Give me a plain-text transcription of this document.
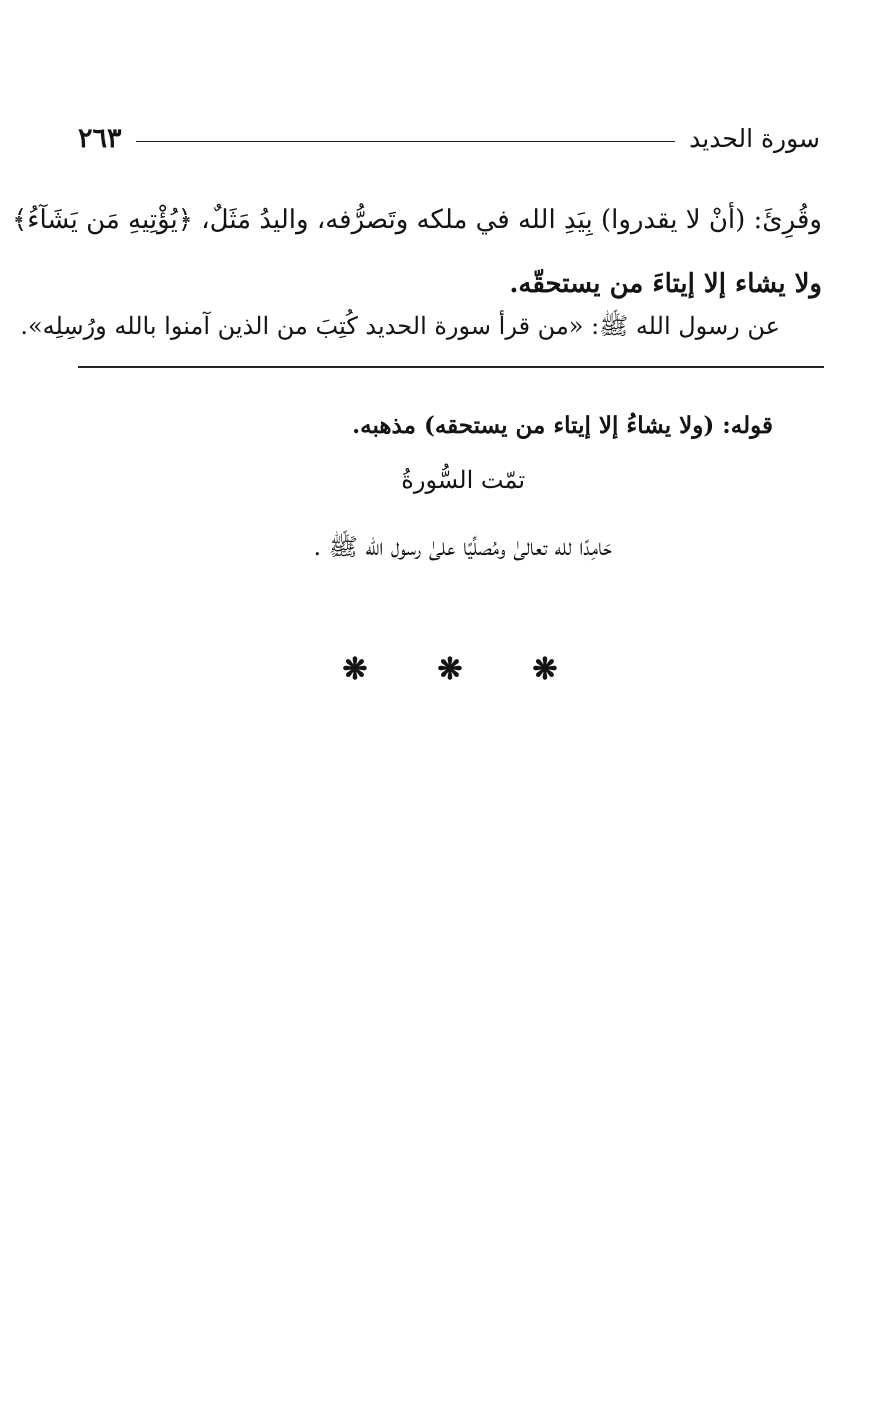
سورة الحديد
٢٦٣
وقُرِئَ: (أنْ لا يقدروا) بِيَدِ الله في ملكه وتَصرُّفه، واليدُ مَثَلٌ، ﴿يُؤْتِيهِ مَن يَشَآءُ﴾
ولا يشاء إلا إيتاءَ من يستحقّه.
عن رسول الله ﷺ: «من قرأ سورة الحديد كُتِبَ من الذين آمنوا بالله ورُسِلِه».
قوله: (ولا يشاءُ إلا إيتاء من يستحقه) مذهبه.
تمّت السُّورةُ
حَامِدًا لله تعالىٰ ومُصلِّيًا علىٰ رسول الله ﷺ .
❋ ❋ ❋
